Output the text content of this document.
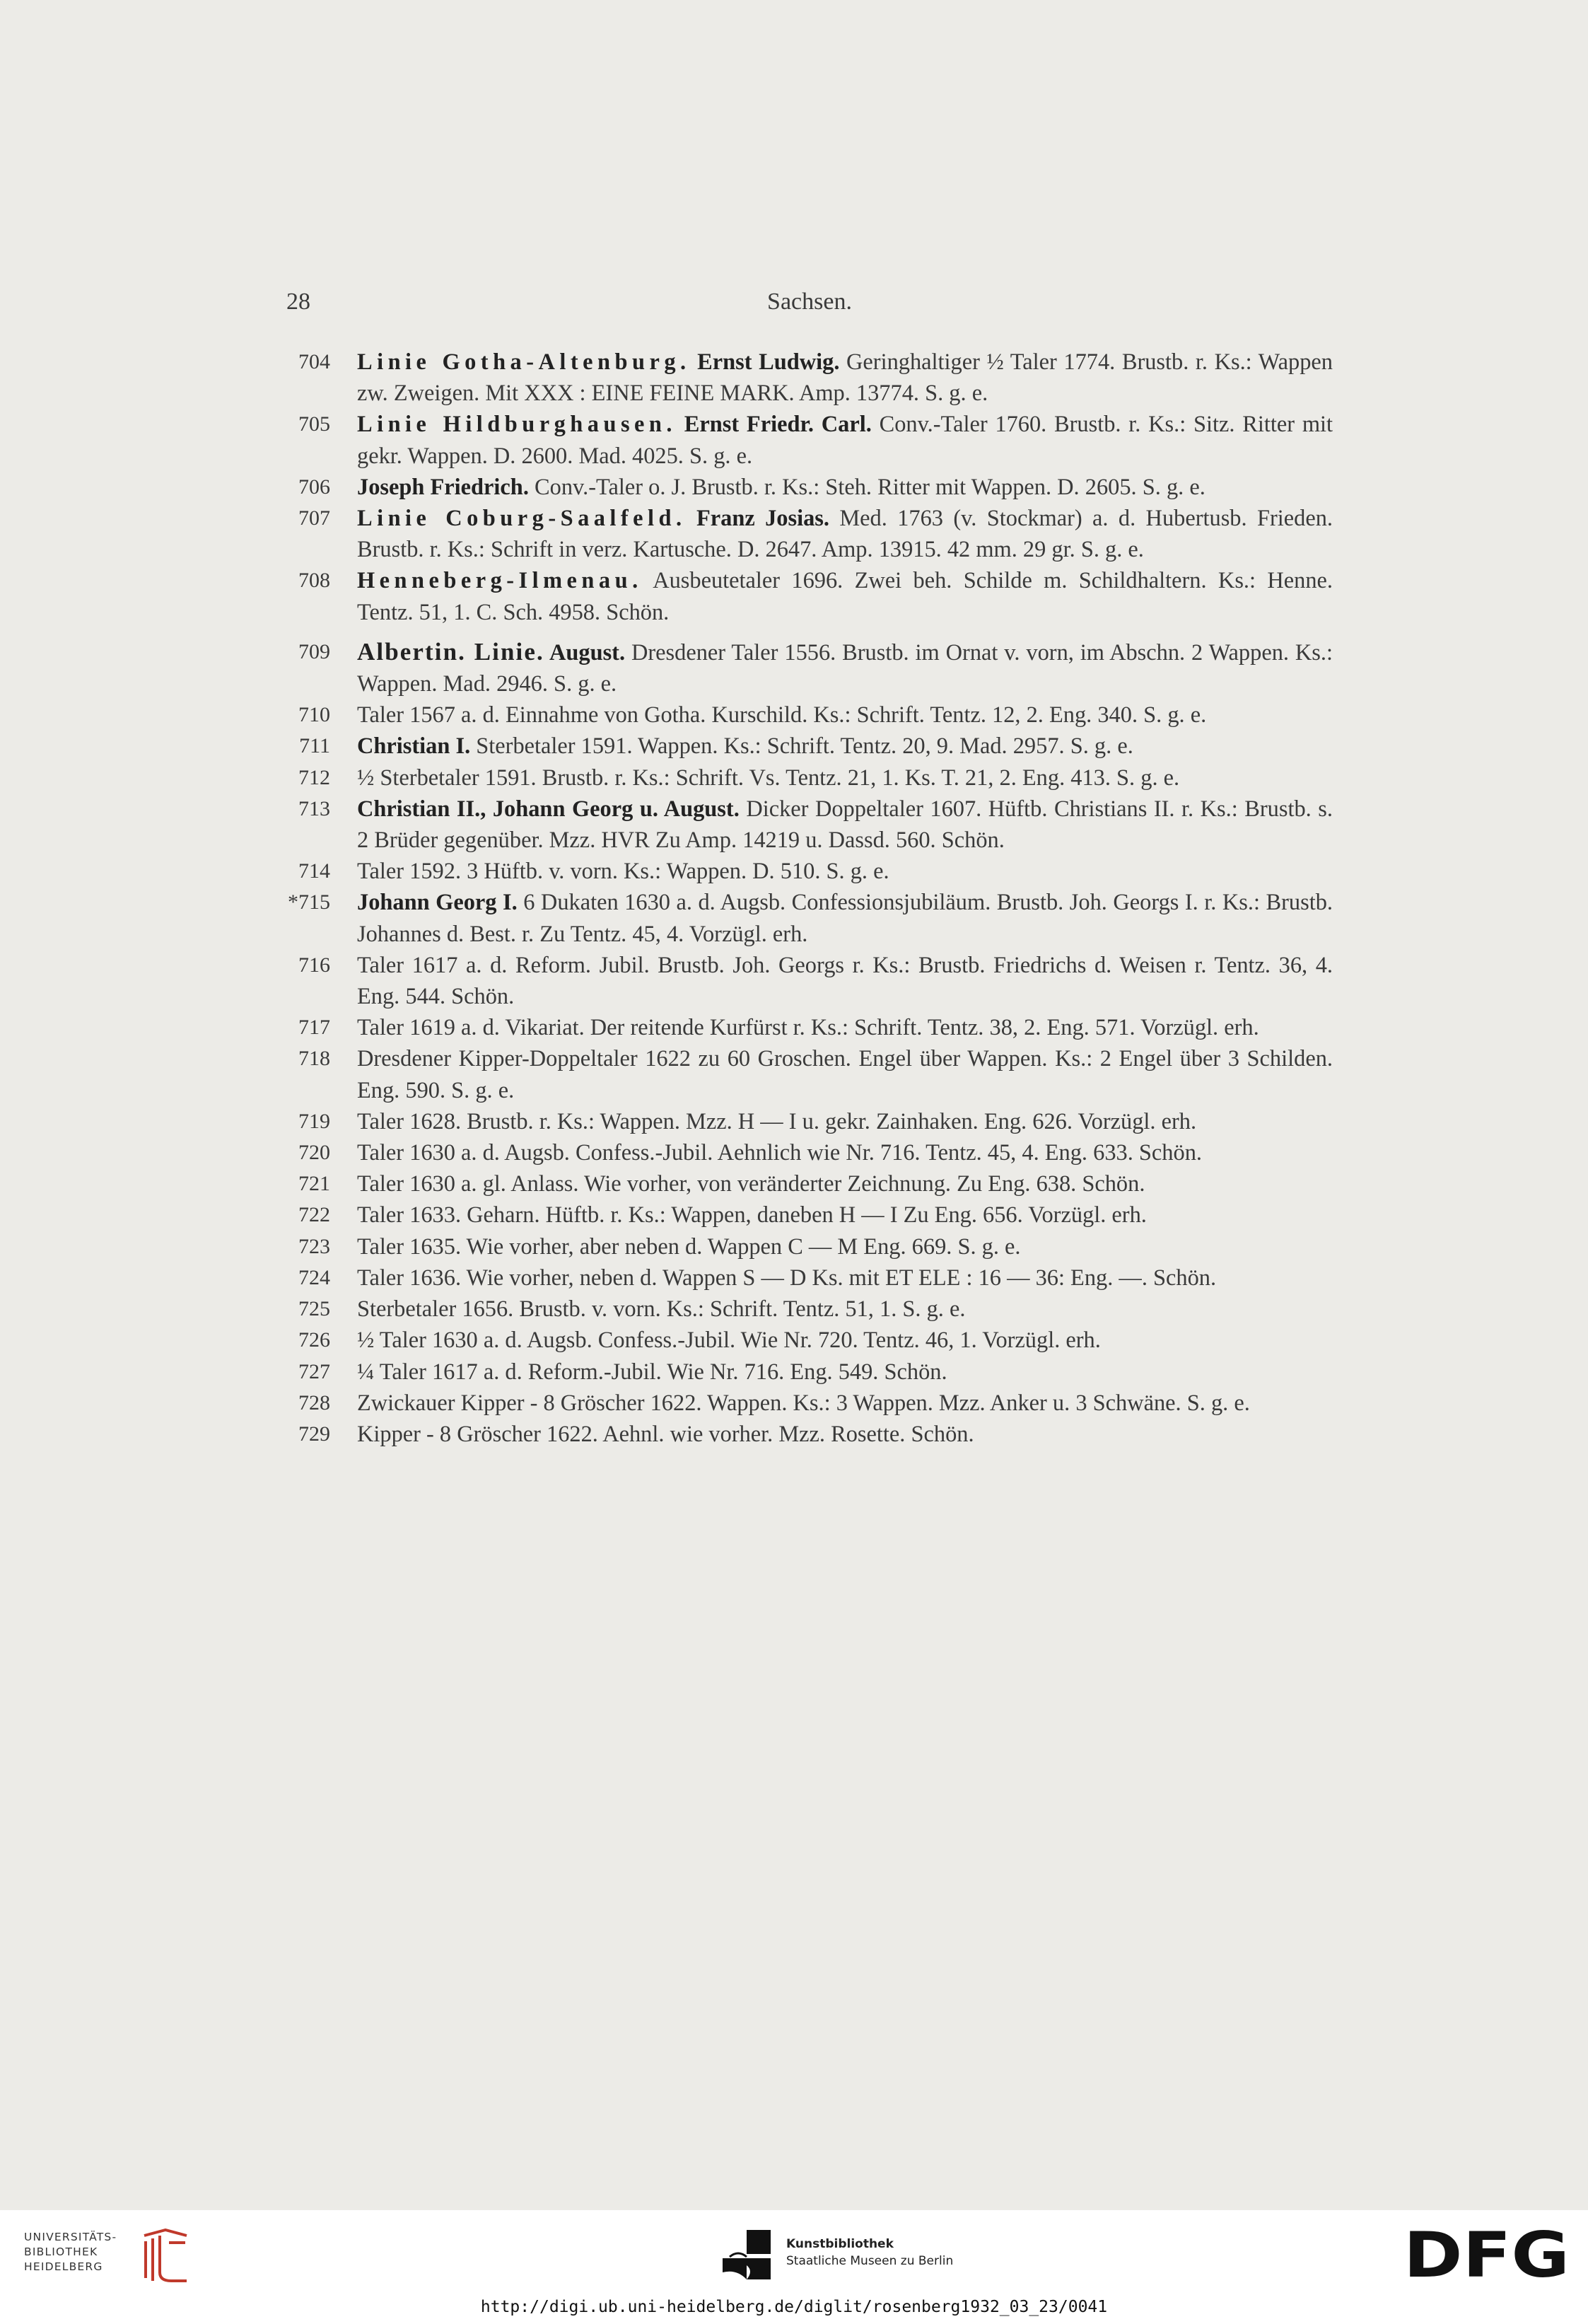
28	Sachsen.
704 Linie Gotha-Altenburg. Ernst Ludwig. Geringhaltiger ½ Taler 1774. Brustb. r. Ks.: Wappen zw. Zweigen. Mit XXX : EINE FEINE MARK. Amp. 13774. S. g. e.
705 Linie Hildburghausen. Ernst Friedr. Carl. Conv.-Taler 1760. Brustb. r. Ks.: Sitz. Ritter mit gekr. Wappen. D. 2600. Mad. 4025. S. g. e.
706 Joseph Friedrich. Conv.-Taler o. J. Brustb. r. Ks.: Steh. Ritter mit Wappen. D. 2605. S. g. e.
707 Linie Coburg-Saalfeld. Franz Josias. Med. 1763 (v. Stockmar) a. d. Hubertusb. Frieden. Brustb. r. Ks.: Schrift in verz. Kartusche. D. 2647. Amp. 13915. 42 mm. 29 gr. S. g. e.
708 Henneberg-Ilmenau. Ausbeutetaler 1696. Zwei beh. Schilde m. Schildhaltern. Ks.: Henne. Tentz. 51, 1. C. Sch. 4958. Schön.
709 Albertin. Linie. August. Dresdener Taler 1556. Brustb. im Ornat v. vorn, im Abschn. 2 Wappen. Ks.: Wappen. Mad. 2946. S. g. e.
710 Taler 1567 a. d. Einnahme von Gotha. Kurschild. Ks.: Schrift. Tentz. 12, 2. Eng. 340. S. g. e.
711 Christian I. Sterbetaler 1591. Wappen. Ks.: Schrift. Tentz. 20, 9. Mad. 2957. S. g. e.
712 ½ Sterbetaler 1591. Brustb. r. Ks.: Schrift. Vs. Tentz. 21, 1. Ks. T. 21, 2. Eng. 413. S. g. e.
713 Christian II., Johann Georg u. August. Dicker Doppeltaler 1607. Hüftb. Christians II. r. Ks.: Brustb. s. 2 Brüder gegenüber. Mzz. HVR Zu Amp. 14219 u. Dassd. 560. Schön.
714 Taler 1592. 3 Hüftb. v. vorn. Ks.: Wappen. D. 510. S. g. e.
*715 Johann Georg I. 6 Dukaten 1630 a. d. Augsb. Confessionsjubiläum. Brustb. Joh. Georgs I. r. Ks.: Brustb. Johannes d. Best. r. Zu Tentz. 45, 4. Vorzügl. erh.
716 Taler 1617 a. d. Reform. Jubil. Brustb. Joh. Georgs r. Ks.: Brustb. Friedrichs d. Weisen r. Tentz. 36, 4. Eng. 544. Schön.
717 Taler 1619 a. d. Vikariat. Der reitende Kurfürst r. Ks.: Schrift. Tentz. 38, 2. Eng. 571. Vorzügl. erh.
718 Dresdener Kipper-Doppeltaler 1622 zu 60 Groschen. Engel über Wappen. Ks.: 2 Engel über 3 Schilden. Eng. 590. S. g. e.
719 Taler 1628. Brustb. r. Ks.: Wappen. Mzz. H — I u. gekr. Zainhaken. Eng. 626. Vorzügl. erh.
720 Taler 1630 a. d. Augsb. Confess.-Jubil. Aehnlich wie Nr. 716. Tentz. 45, 4. Eng. 633. Schön.
721 Taler 1630 a. gl. Anlass. Wie vorher, von veränderter Zeichnung. Zu Eng. 638. Schön.
722 Taler 1633. Geharn. Hüftb. r. Ks.: Wappen, daneben H — I Zu Eng. 656. Vorzügl. erh.
723 Taler 1635. Wie vorher, aber neben d. Wappen C — M Eng. 669. S. g. e.
724 Taler 1636. Wie vorher, neben d. Wappen S — D Ks. mit ET ELE : 16 — 36: Eng. —. Schön.
725 Sterbetaler 1656. Brustb. v. vorn. Ks.: Schrift. Tentz. 51, 1. S. g. e.
726 ½ Taler 1630 a. d. Augsb. Confess.-Jubil. Wie Nr. 720. Tentz. 46, 1. Vorzügl. erh.
727 ¼ Taler 1617 a. d. Reform.-Jubil. Wie Nr. 716. Eng. 549. Schön.
728 Zwickauer Kipper - 8 Gröscher 1622. Wappen. Ks.: 3 Wappen. Mzz. Anker u. 3 Schwäne. S. g. e.
729 Kipper - 8 Gröscher 1622. Aehnl. wie vorher. Mzz. Rosette. Schön.
UNIVERSITÄTS-
BIBLIOTHEK
HEIDELBERG
Kunstbibliothek
Staatliche Museen zu Berlin	DFG
http://digi.ub.uni-heidelberg.de/diglit/rosenberg1932_03_23/0041
